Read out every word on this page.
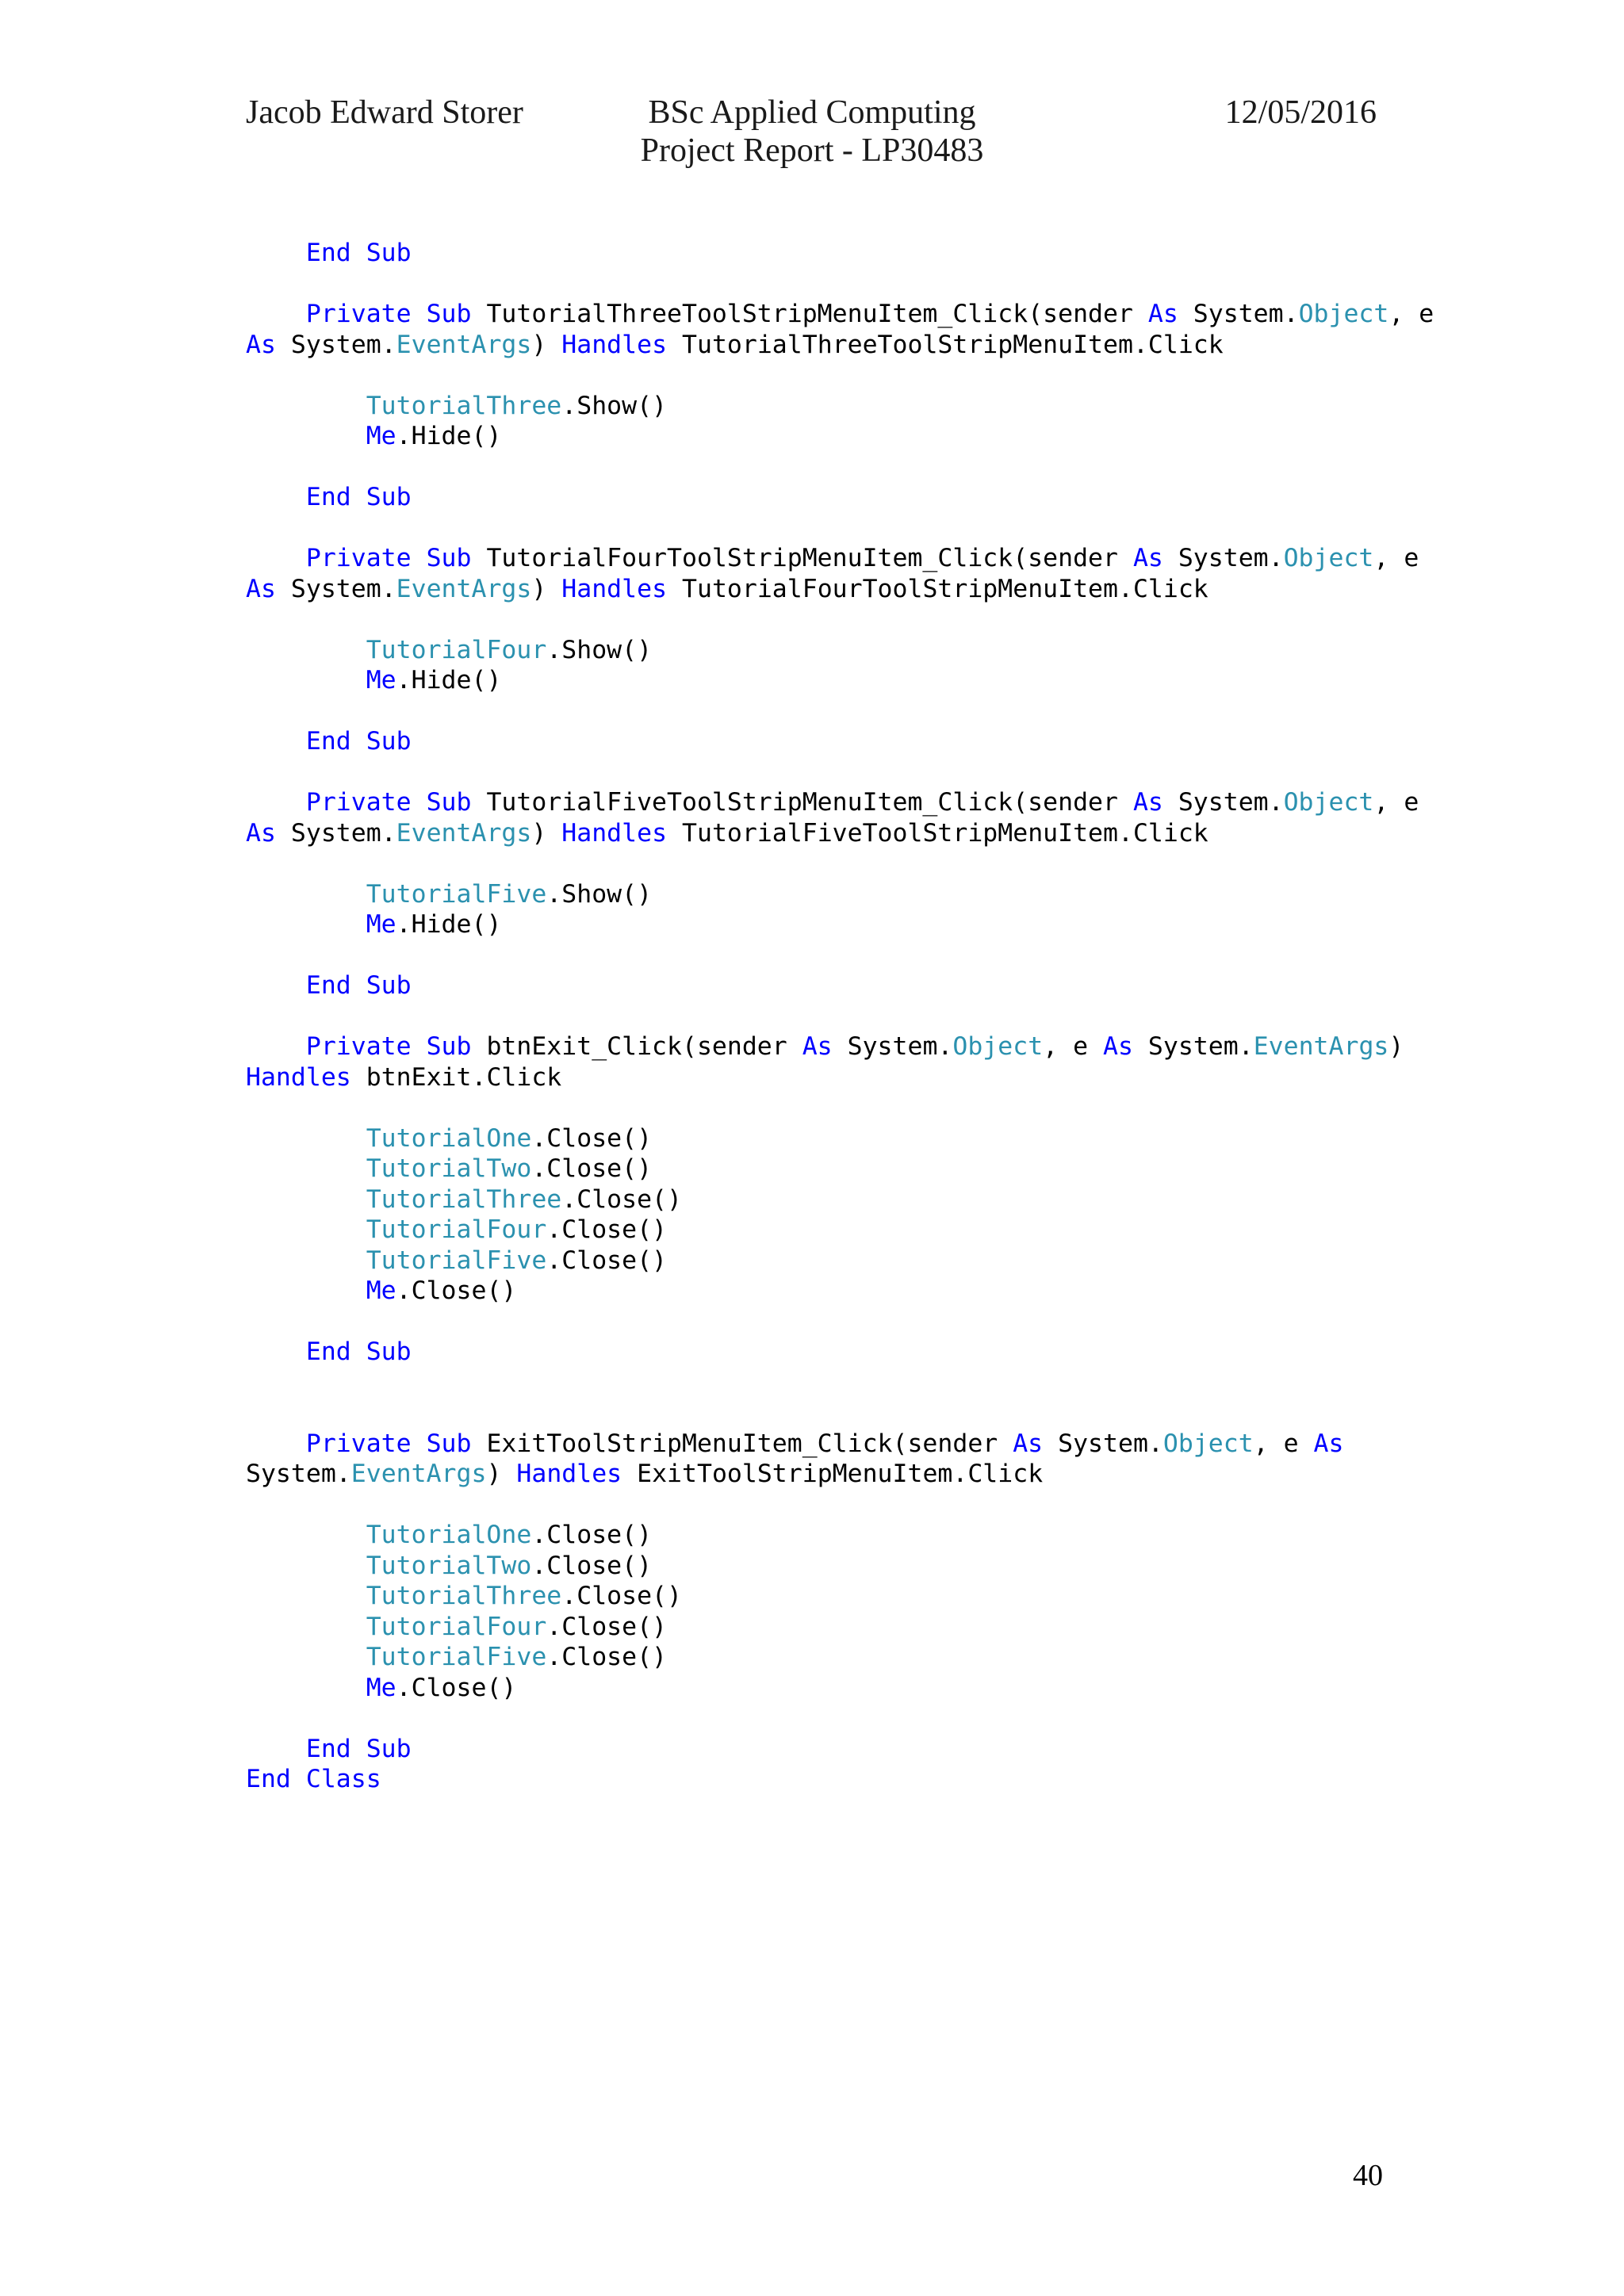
Jacob Edward Storer	BSc Applied Computing
Project Report - LP30483
12/05/2016
End Sub

Private Sub TutorialThreeToolStripMenuItem_Click(sender As System.Object, e
As System.EventArgs) Handles TutorialThreeToolStripMenuItem.Click

TutorialThree.Show()
Me.Hide()

End Sub

Private Sub TutorialFourToolStripMenuItem_Click(sender As System.Object, e
As System.EventArgs) Handles TutorialFourToolStripMenuItem.Click

TutorialFour.Show()
Me.Hide()

End Sub

Private Sub TutorialFiveToolStripMenuItem_Click(sender As System.Object, e
As System.EventArgs) Handles TutorialFiveToolStripMenuItem.Click

TutorialFive.Show()
Me.Hide()

End Sub

Private Sub btnExit_Click(sender As System.Object, e As System.EventArgs)
Handles btnExit.Click

TutorialOne.Close()
TutorialTwo.Close()
TutorialThree.Close()
TutorialFour.Close()
TutorialFive.Close()
Me.Close()

End Sub

Private Sub ExitToolStripMenuItem_Click(sender As System.Object, e As
System.EventArgs) Handles ExitToolStripMenuItem.Click

TutorialOne.Close()
TutorialTwo.Close()
TutorialThree.Close()
TutorialFour.Close()
TutorialFive.Close()
Me.Close()

End Sub
End Class
40
